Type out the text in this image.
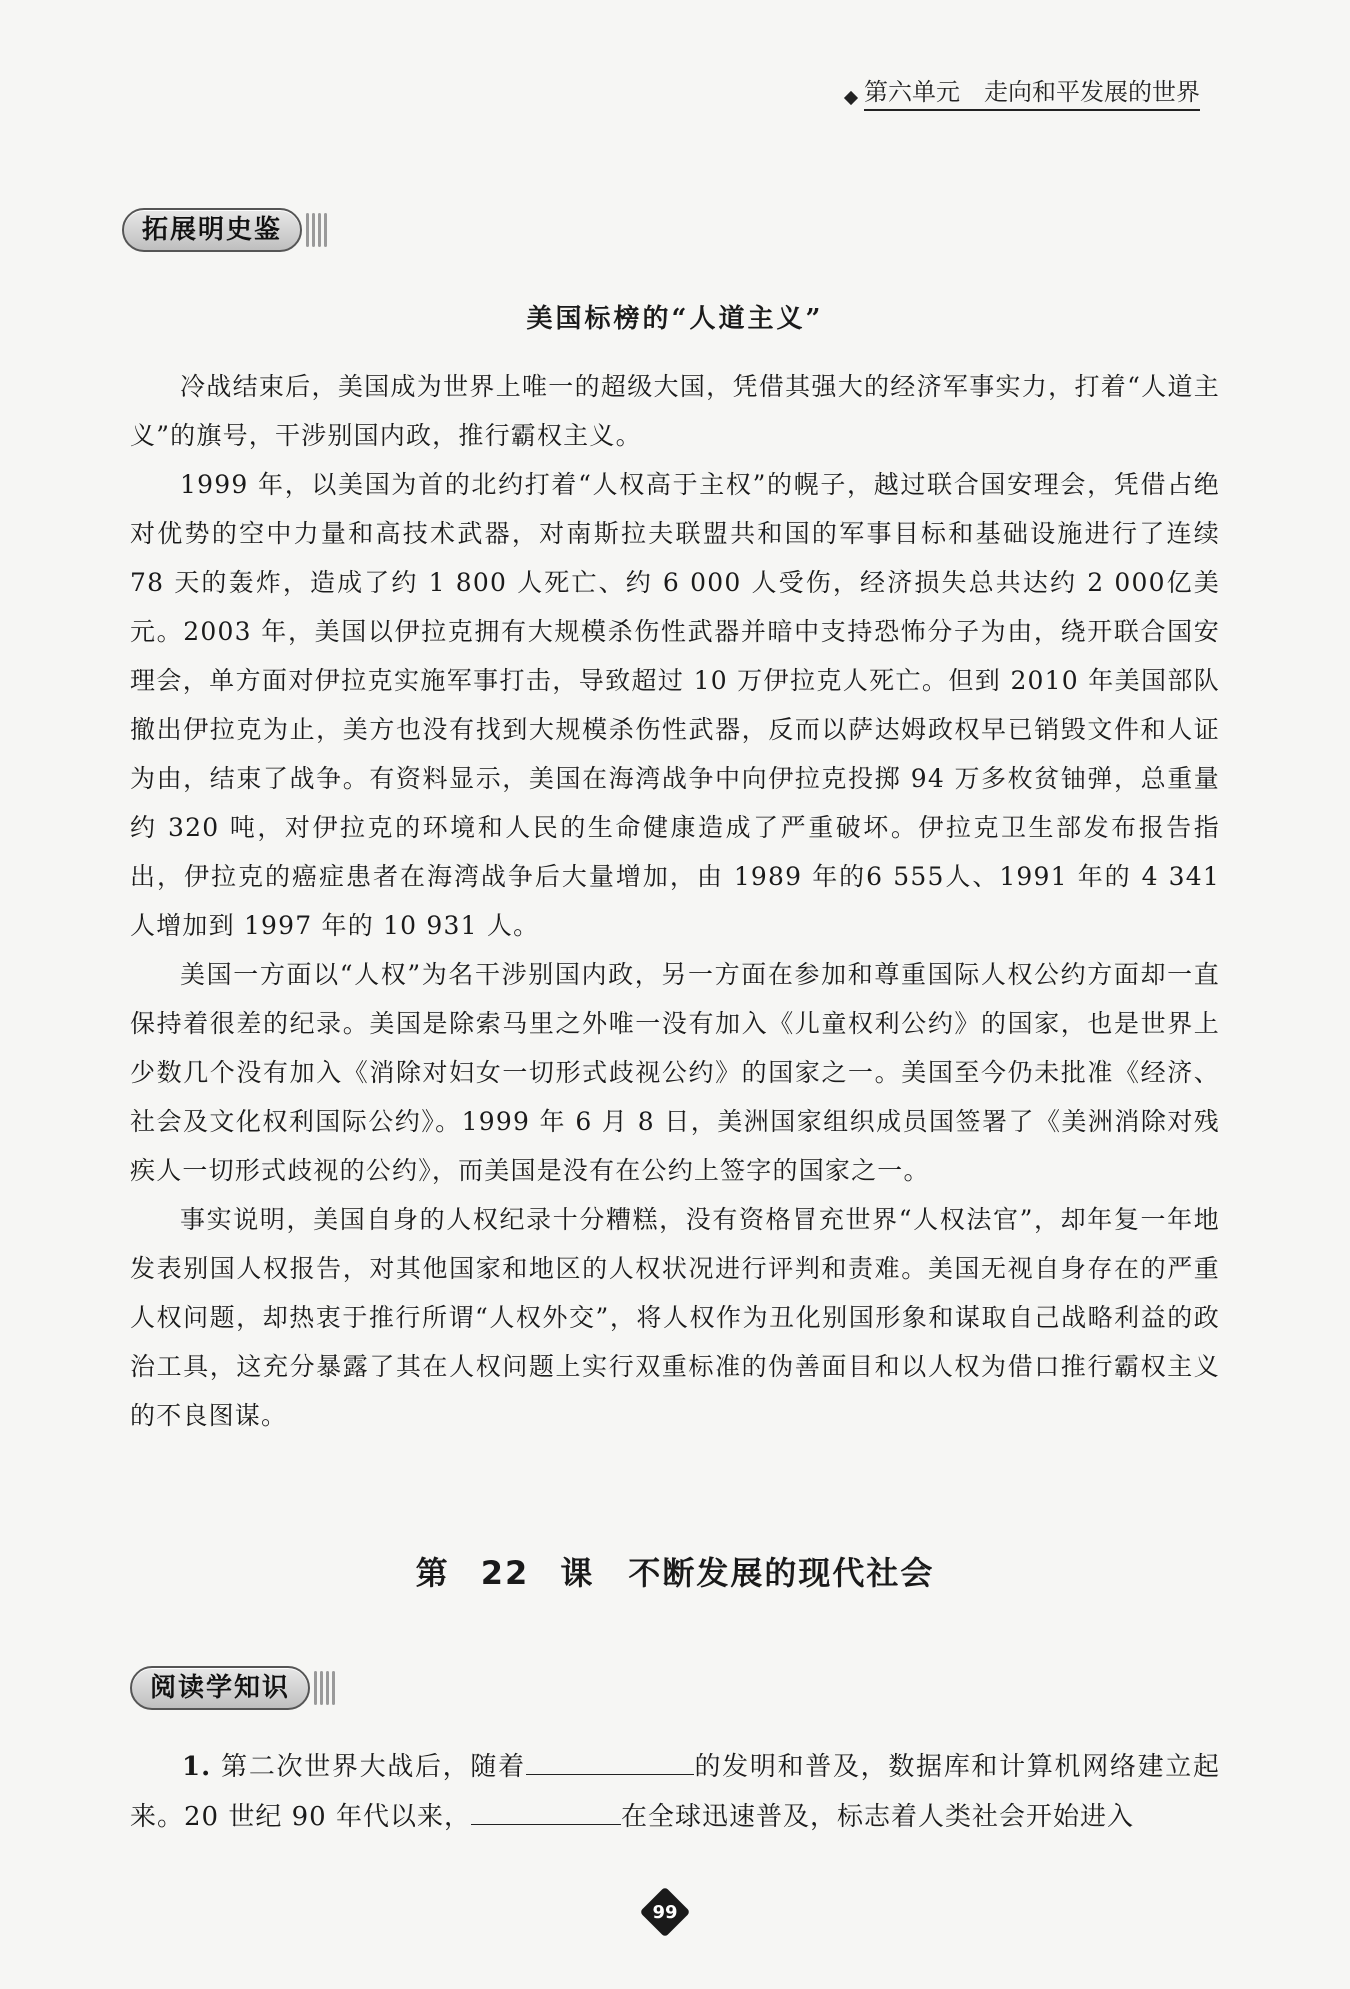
第六单元　走向和平发展的世界
拓展明史鉴
美国标榜的“人道主义”

冷战结束后，美国成为世界上唯一的超级大国，凭借其强大的经济军事实力，打着“人道主义”的旗号，干涉别国内政，推行霸权主义。

1999 年，以美国为首的北约打着“人权高于主权”的幌子，越过联合国安理会，凭借占绝对优势的空中力量和高技术武器，对南斯拉夫联盟共和国的军事目标和基础设施进行了连续 78 天的轰炸，造成了约 1 800 人死亡、约 6 000 人受伤，经济损失总共达约 2 000亿美元。2003 年，美国以伊拉克拥有大规模杀伤性武器并暗中支持恐怖分子为由，绕开联合国安理会，单方面对伊拉克实施军事打击，导致超过 10 万伊拉克人死亡。但到 2010 年美国部队撤出伊拉克为止，美方也没有找到大规模杀伤性武器，反而以萨达姆政权早已销毁文件和人证为由，结束了战争。有资料显示，美国在海湾战争中向伊拉克投掷 94 万多枚贫铀弹，总重量约 320 吨，对伊拉克的环境和人民的生命健康造成了严重破坏。伊拉克卫生部发布报告指出，伊拉克的癌症患者在海湾战争后大量增加，由 1989 年的6 555人、1991 年的 4 341 人增加到 1997 年的 10 931 人。

美国一方面以“人权”为名干涉别国内政，另一方面在参加和尊重国际人权公约方面却一直保持着很差的纪录。美国是除索马里之外唯一没有加入《儿童权利公约》的国家，也是世界上少数几个没有加入《消除对妇女一切形式歧视公约》的国家之一。美国至今仍未批准《经济、社会及文化权利国际公约》。1999 年 6 月 8 日，美洲国家组织成员国签署了《美洲消除对残疾人一切形式歧视的公约》，而美国是没有在公约上签字的国家之一。

事实说明，美国自身的人权纪录十分糟糕，没有资格冒充世界“人权法官”，却年复一年地发表别国人权报告，对其他国家和地区的人权状况进行评判和责难。美国无视自身存在的严重人权问题，却热衷于推行所谓“人权外交”，将人权作为丑化别国形象和谋取自己战略利益的政治工具，这充分暴露了其在人权问题上实行双重标准的伪善面目和以人权为借口推行霸权主义的不良图谋。

第 22 课　不断发展的现代社会
阅读学知识

1. 第二次世界大战后，随着	的发明和普及，数据库和计算机网络建立起来。20 世纪 90 年代以来，	在全球迅速普及，标志着人类社会开始进入

99
